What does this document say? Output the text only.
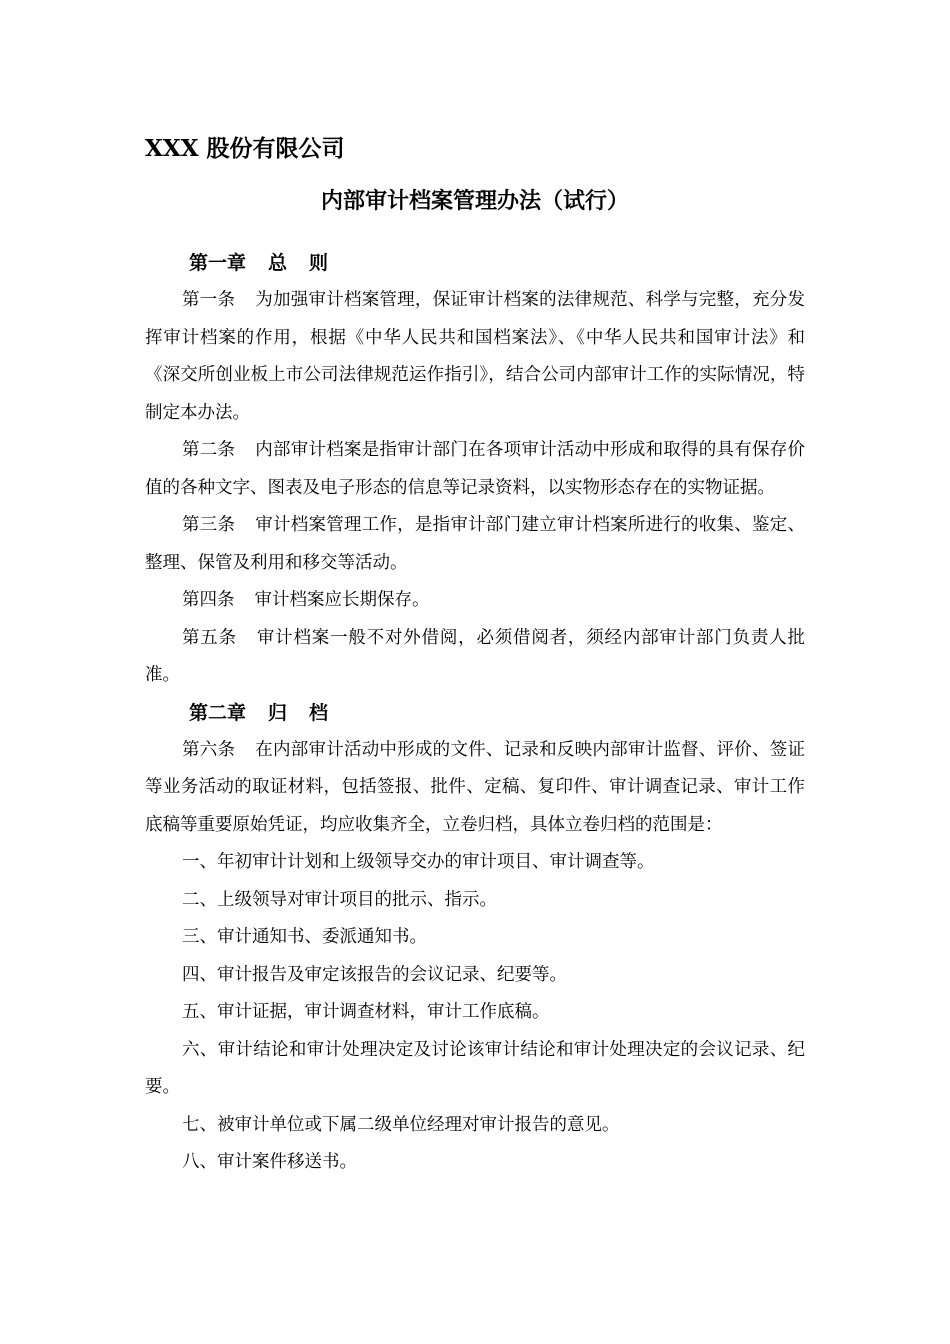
XXX 股份有限公司
内部审计档案管理办法（试行）

第一章 总 则

第一条 为加强审计档案管理，保证审计档案的法律规范、科学与完整，充分发挥审计档案的作用，根据《中华人民共和国档案法》、《中华人民共和国审计法》和《深交所创业板上市公司法律规范运作指引》，结合公司内部审计工作的实际情况，特制定本办法。

第二条 内部审计档案是指审计部门在各项审计活动中形成和取得的具有保存价值的各种文字、图表及电子形态的信息等记录资料，以实物形态存在的实物证据。

第三条 审计档案管理工作，是指审计部门建立审计档案所进行的收集、鉴定、整理、保管及利用和移交等活动。

第四条 审计档案应长期保存。

第五条 审计档案一般不对外借阅，必须借阅者，须经内部审计部门负责人批准。

第二章 归 档

第六条 在内部审计活动中形成的文件、记录和反映内部审计监督、评价、签证等业务活动的取证材料，包括签报、批件、定稿、复印件、审计调查记录、审计工作底稿等重要原始凭证，均应收集齐全，立卷归档，具体立卷归档的范围是：

一、年初审计计划和上级领导交办的审计项目、审计调查等。

二、上级领导对审计项目的批示、指示。

三、审计通知书、委派通知书。

四、审计报告及审定该报告的会议记录、纪要等。

五、审计证据，审计调查材料，审计工作底稿。

六、审计结论和审计处理决定及讨论该审计结论和审计处理决定的会议记录、纪要。

七、被审计单位或下属二级单位经理对审计报告的意见。

八、审计案件移送书。
